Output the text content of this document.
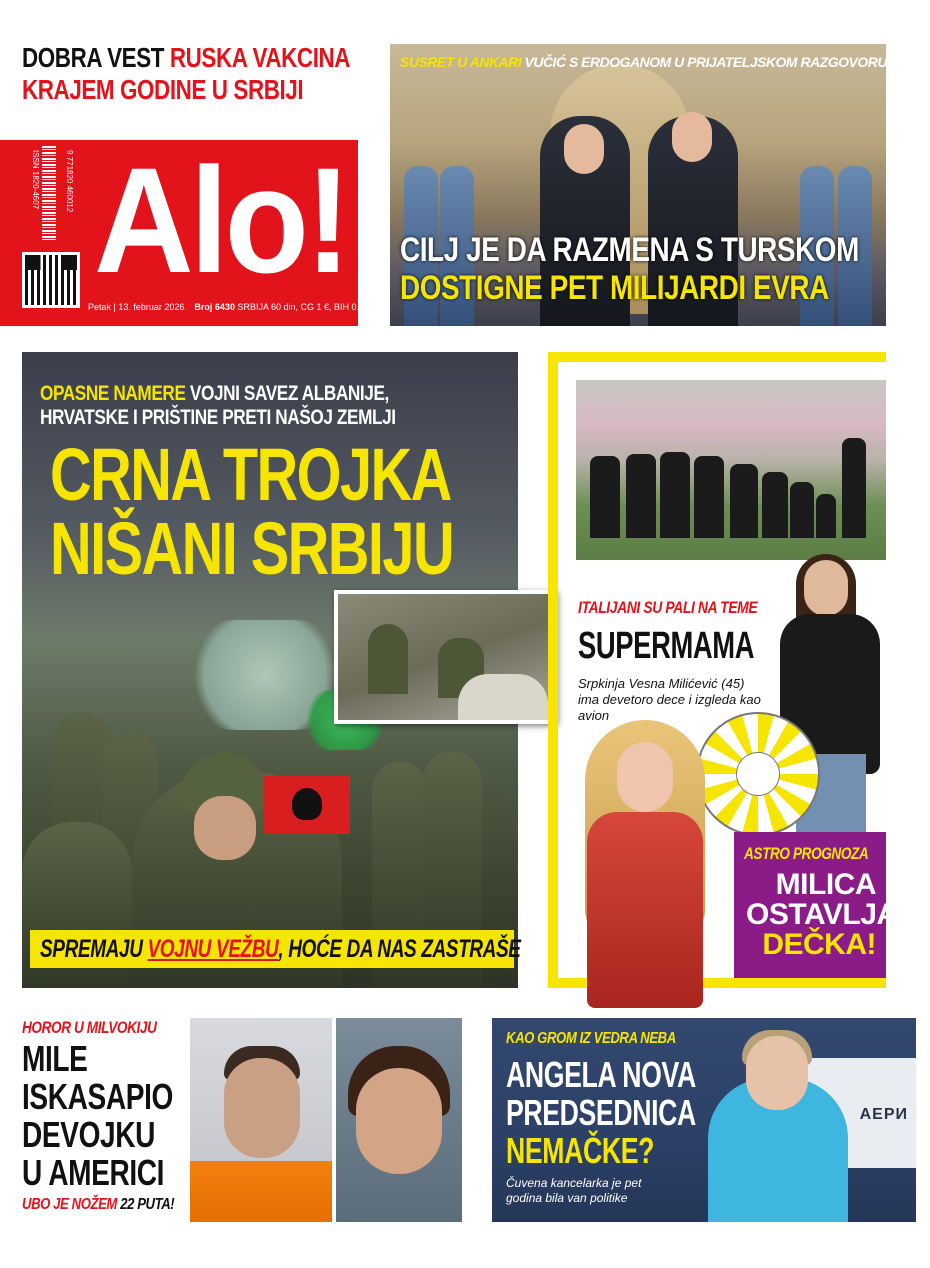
DOBRA VEST RUSKA VAKCINA
KRAJEM GODINE U SRBIJI
ISSN 1820-4607	9 771820 460012 Alo!
Petak | 13. februar 2026. Broj 6430 SRBIJA 60 din, CG 1 €, BIH 0.50 KM
SUSRET U ANKARI VUČIĆ S ERDOGANOM U PRIJATELJSKOM RAZGOVORU
CILJ JE DA RAZMENA S TURSKOM
DOSTIGNE PET MILIJARDI EVRA
OPASNE NAMERE VOJNI SAVEZ ALBANIJE,
HRVATSKE I PRIŠTINE PRETI NAŠOJ ZEMLJI
CRNA TROJKA
NIŠANI SRBIJU
SPREMAJU VOJNU VEŽBU, HOĆE DA NAS ZASTRAŠE
ITALIJANI SU PALI NA TEME
SUPERMAMA
Srpkinja Vesna Milićević (45) ima devetoro dece i izgleda kao avion
ASTRO PROGNOZA
MILICA
OSTAVLJA
DEČKA!
HOROR U MILVOKIJU
MILE
ISKASAPIO
DEVOJKU
U AMERICI
UBO JE NOŽEM 22 PUTA!
АЕРИ
KAO GROM IZ VEDRA NEBA
ANGELA NOVA
PREDSEDNICA
NEMAČKE?
Čuvena kancelarka je pet godina bila van politike
